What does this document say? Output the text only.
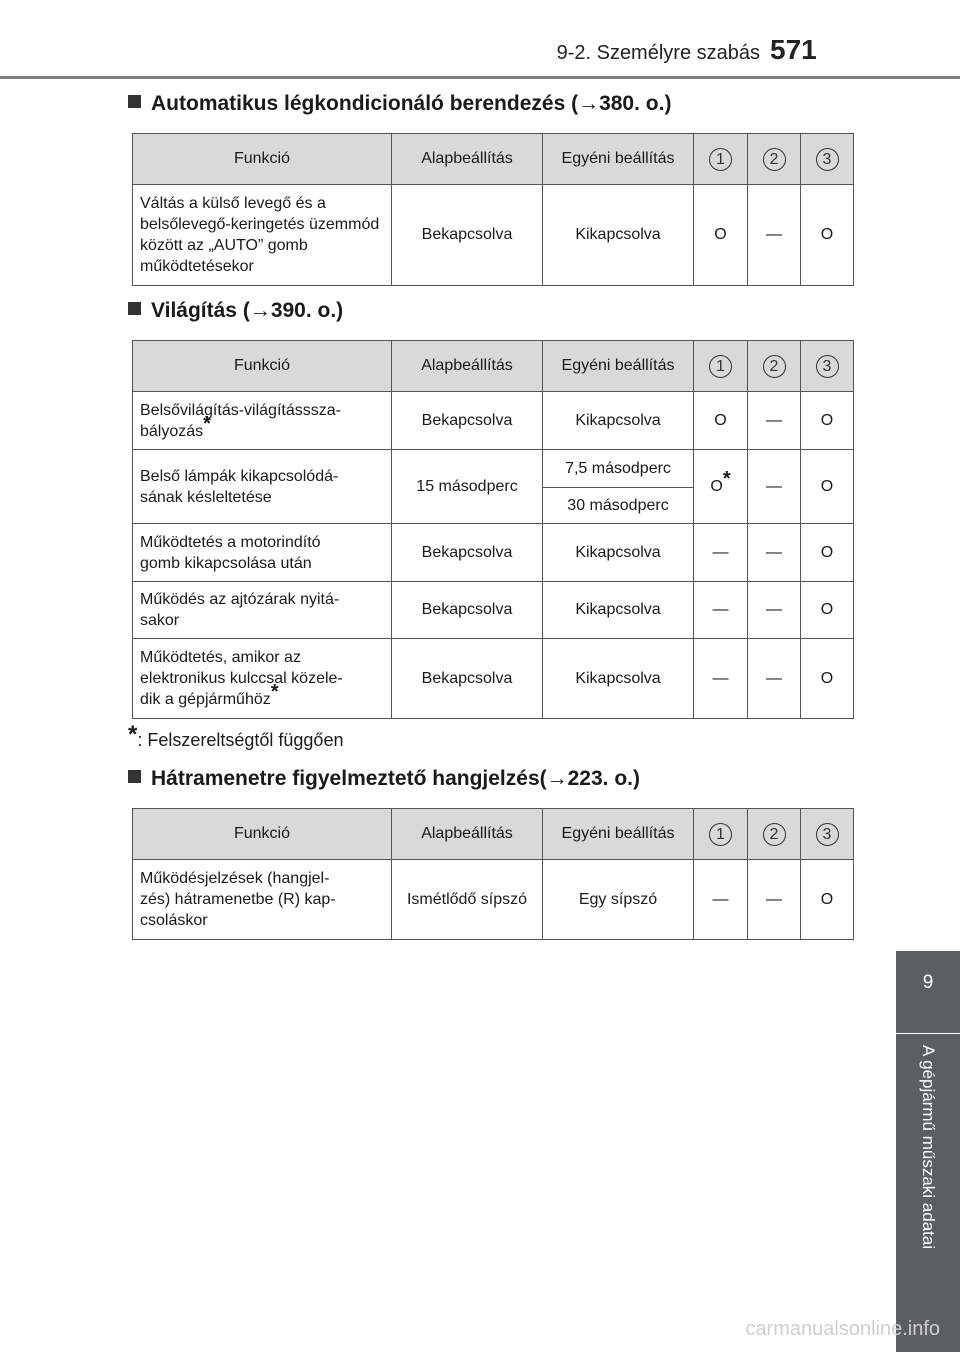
9-2. Személyre szabás 571
Automatikus légkondicionáló berendezés (→380. o.)
Funkció	Alapbeállítás	Egyéni beállítás	1	2	3
Váltás a külső levegő és a belsőlevegő-keringetés üzemmód között az „AUTO” gomb működtetésekor	Bekapcsolva	Kikapcsolva	O	—	O
Világítás (→390. o.)
Funkció	Alapbeállítás	Egyéni beállítás	1	2	3
Belsővilágítás-világításssza-
bályozás*	Bekapcsolva	Kikapcsolva	O	—	O
Belső lámpák kikapcsolódá-
sának késleltetése	15 másodperc	7,5 másodperc	O*	—	O
		30 másodperc			
Működtetés a motorindító
gomb kikapcsolása után	Bekapcsolva	Kikapcsolva	—	—	O
Működés az ajtózárak nyitá-
sakor	Bekapcsolva	Kikapcsolva	—	—	O
Működtetés, amikor az
elektronikus kulccsal közele-
dik a gépjárműhöz*	Bekapcsolva	Kikapcsolva	—	—	O
*: Felszereltségtől függően
Hátramenetre figyelmeztető hangjelzés(→223. o.)
Funkció	Alapbeállítás	Egyéni beállítás	1	2	3
Működésjelzések (hangjel-
zés) hátramenetbe (R) kap-
csoláskor	Ismétlődő sípszó	Egy sípszó	—	—	O
9
A gépjármű műszaki adatai
carmanualsonline.info
